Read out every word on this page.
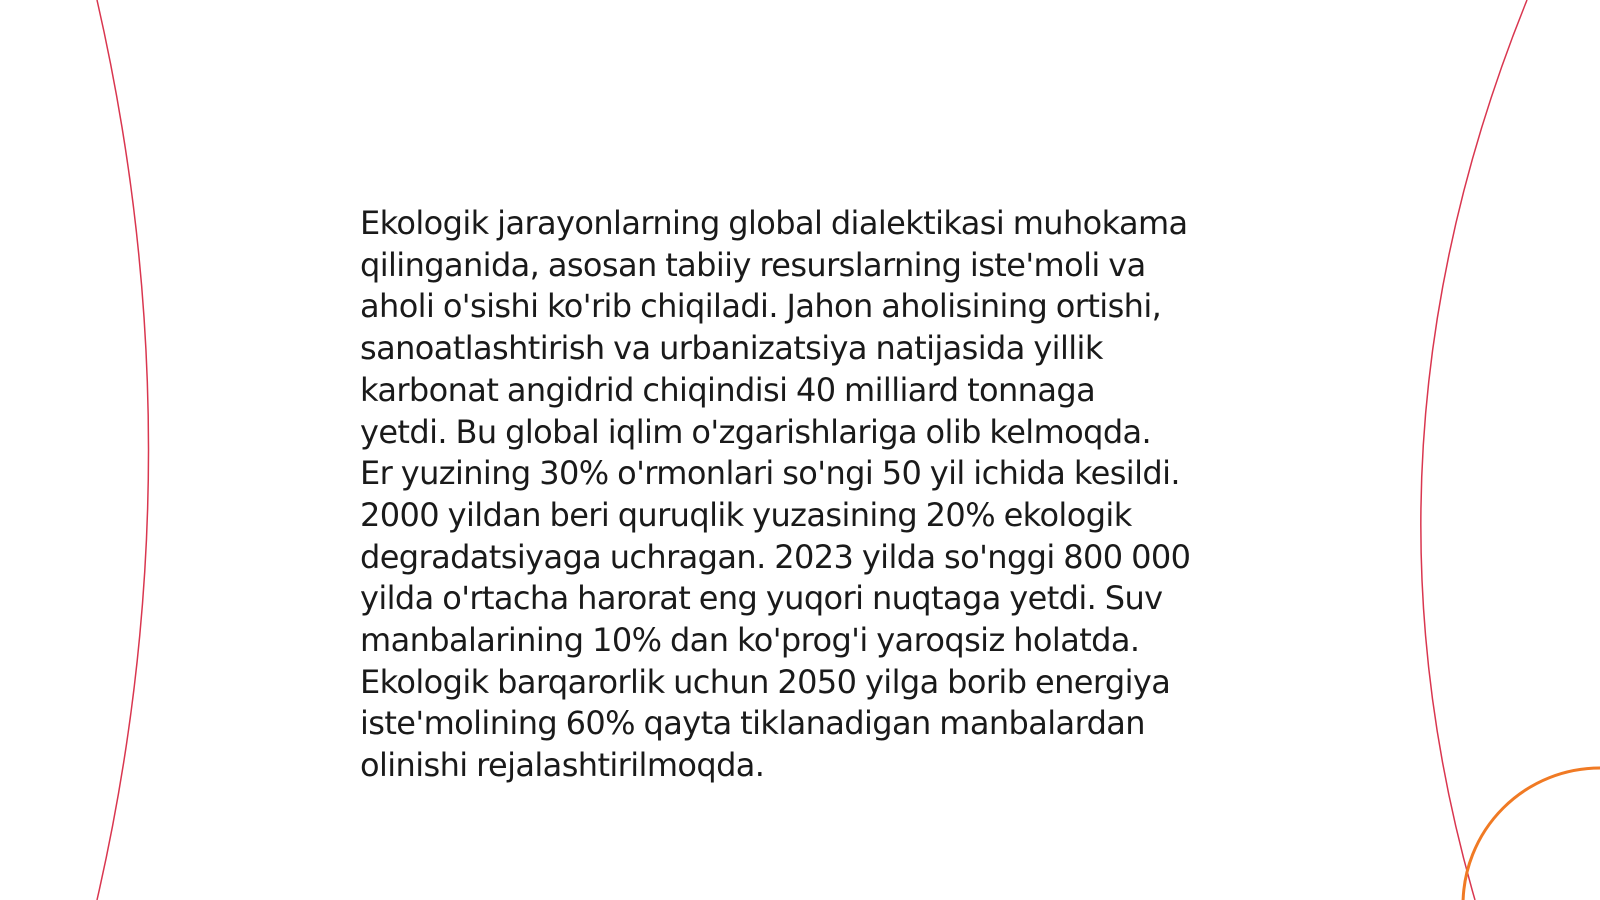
Ekologik jarayonlarning global dialektikasi muhokama
qilinganida, asosan tabiiy resurslarning iste'moli va
aholi o'sishi ko'rib chiqiladi. Jahon aholisining ortishi,
sanoatlashtirish va urbanizatsiya natijasida yillik
karbonat angidrid chiqindisi 40 milliard tonnaga
yetdi. Bu global iqlim o'zgarishlariga olib kelmoqda.
Er yuzining 30% o'rmonlari so'ngi 50 yil ichida kesildi.
2000 yildan beri quruqlik yuzasining 20% ekologik
degradatsiyaga uchragan. 2023 yilda so'nggi 800 000
yilda o'rtacha harorat eng yuqori nuqtaga yetdi. Suv
manbalarining 10% dan ko'prog'i yaroqsiz holatda.
Ekologik barqarorlik uchun 2050 yilga borib energiya
iste'molining 60% qayta tiklanadigan manbalardan
olinishi rejalashtirilmoqda.
